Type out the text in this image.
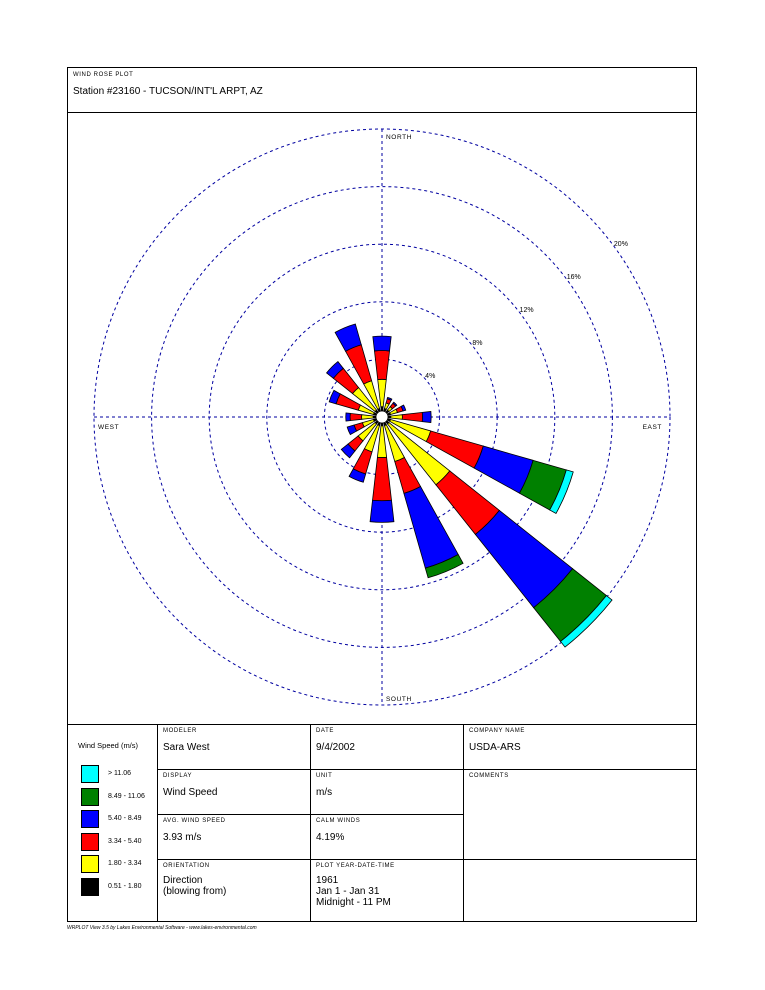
WIND ROSE PLOT
Station #23160 - TUCSON/INT'L ARPT, AZ
4%
8%
12%
16%
20%
NORTH
SOUTH
EAST
WEST
Wind Speed (m/s)
> 11.06
8.49 - 11.06
5.40 - 8.49
3.34 - 5.40
1.80 - 3.34
0.51 - 1.80
MODELER
Sara West
DATE
9/4/2002
COMPANY NAME
USDA-ARS
DISPLAY
Wind Speed
UNIT
m/s
COMMENTS
AVG. WIND SPEED
3.93 m/s
CALM WINDS
4.19%
ORIENTATION
Direction
(blowing from)
PLOT YEAR-DATE-TIME
1961
Jan 1 - Jan 31
Midnight - 11 PM
WRPLOT View 3.5 by Lakes Environmental Software - www.lakes-environmental.com
